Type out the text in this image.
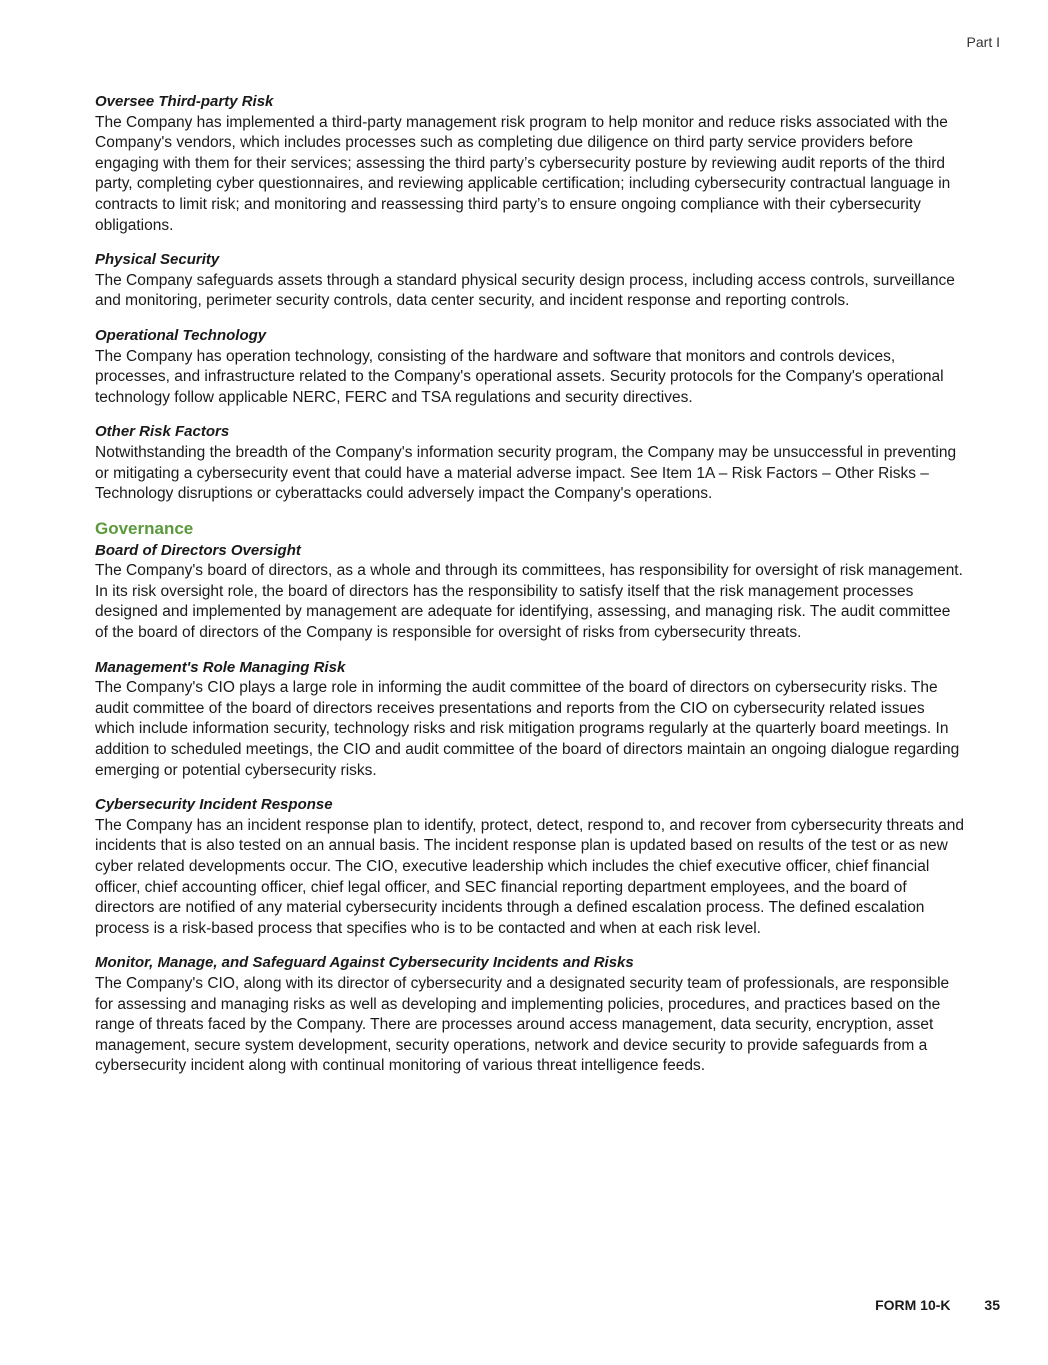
Part I
Oversee Third-party Risk

The Company has implemented a third-party management risk program to help monitor and reduce risks associated with the Company's vendors, which includes processes such as completing due diligence on third party service providers before engaging with them for their services; assessing the third party’s cybersecurity posture by reviewing audit reports of the third party, completing cyber questionnaires, and reviewing applicable certification; including cybersecurity contractual language in contracts to limit risk; and monitoring and reassessing third party’s to ensure ongoing compliance with their cybersecurity obligations.

Physical Security

The Company safeguards assets through a standard physical security design process, including access controls, surveillance and monitoring, perimeter security controls, data center security, and incident response and reporting controls.

Operational Technology

The Company has operation technology, consisting of the hardware and software that monitors and controls devices, processes, and infrastructure related to the Company's operational assets. Security protocols for the Company's operational technology follow applicable NERC, FERC and TSA regulations and security directives.

Other Risk Factors

Notwithstanding the breadth of the Company's information security program, the Company may be unsuccessful in preventing or mitigating a cybersecurity event that could have a material adverse impact. See Item 1A – Risk Factors – Other Risks – Technology disruptions or cyberattacks could adversely impact the Company's operations.

Governance
Board of Directors Oversight

The Company's board of directors, as a whole and through its committees, has responsibility for oversight of risk management. In its risk oversight role, the board of directors has the responsibility to satisfy itself that the risk management processes designed and implemented by management are adequate for identifying, assessing, and managing risk. The audit committee of the board of directors of the Company is responsible for oversight of risks from cybersecurity threats.

Management's Role Managing Risk

The Company's CIO plays a large role in informing the audit committee of the board of directors on cybersecurity risks. The audit committee of the board of directors receives presentations and reports from the CIO on cybersecurity related issues which include information security, technology risks and risk mitigation programs regularly at the quarterly board meetings. In addition to scheduled meetings, the CIO and audit committee of the board of directors maintain an ongoing dialogue regarding emerging or potential cybersecurity risks.

Cybersecurity Incident Response

The Company has an incident response plan to identify, protect, detect, respond to, and recover from cybersecurity threats and incidents that is also tested on an annual basis. The incident response plan is updated based on results of the test or as new cyber related developments occur. The CIO, executive leadership which includes the chief executive officer, chief financial officer, chief accounting officer, chief legal officer, and SEC financial reporting department employees, and the board of directors are notified of any material cybersecurity incidents through a defined escalation process. The defined escalation process is a risk-based process that specifies who is to be contacted and when at each risk level.

Monitor, Manage, and Safeguard Against Cybersecurity Incidents and Risks

The Company's CIO, along with its director of cybersecurity and a designated security team of professionals, are responsible for assessing and managing risks as well as developing and implementing policies, procedures, and practices based on the range of threats faced by the Company. There are processes around access management, data security, encryption, asset management, secure system development, security operations, network and device security to provide safeguards from a cybersecurity incident along with continual monitoring of various threat intelligence feeds.

FORM 10-K 35
